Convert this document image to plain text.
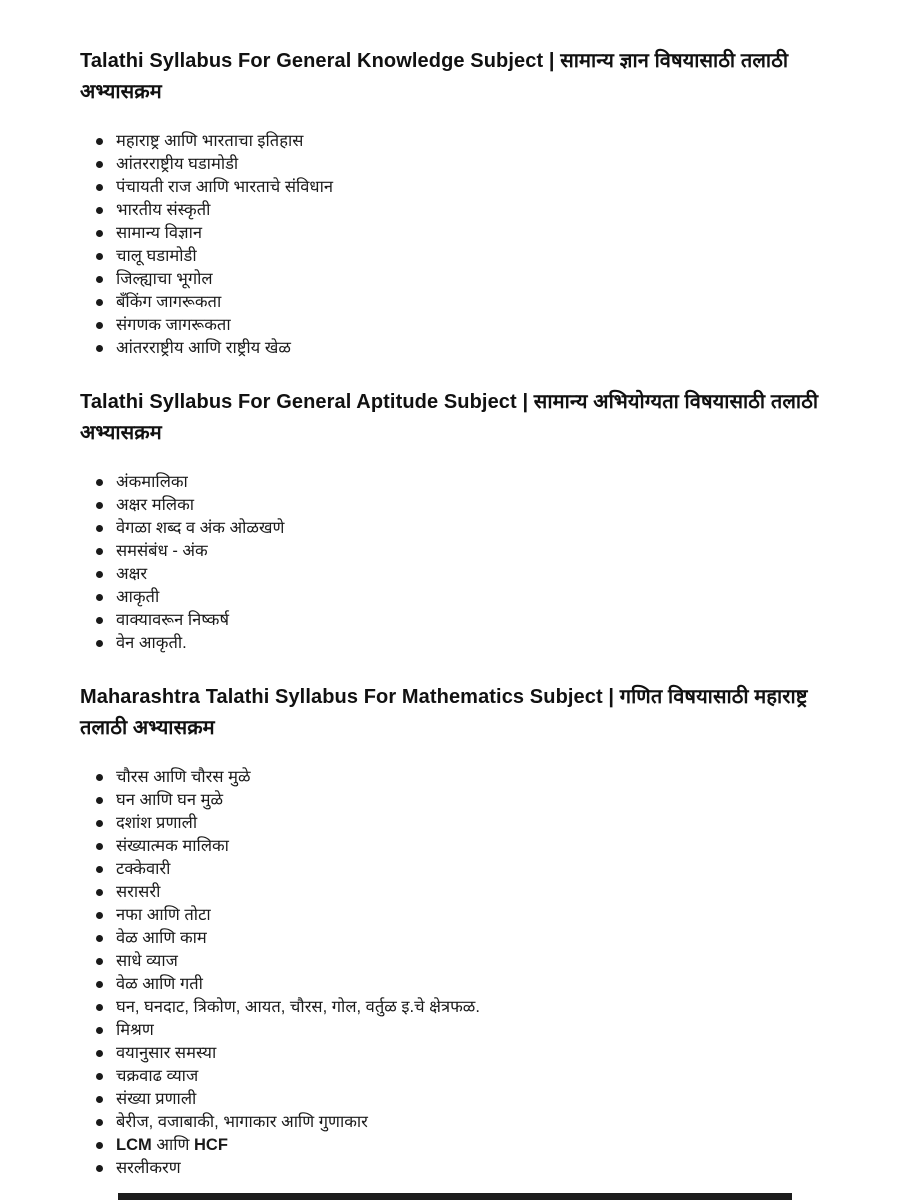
Talathi Syllabus For General Knowledge Subject | सामान्य ज्ञान विषयासाठी तलाठी अभ्यासक्रम
महाराष्ट्र आणि भारताचा इतिहास
आंतरराष्ट्रीय घडामोडी
पंचायती राज आणि भारताचे संविधान
भारतीय संस्कृती
सामान्य विज्ञान
चालू घडामोडी
जिल्ह्याचा भूगोल
बँकिंग जागरूकता
संगणक जागरूकता
आंतरराष्ट्रीय आणि राष्ट्रीय खेळ
Talathi Syllabus For General Aptitude Subject | सामान्य अभियोग्यता विषयासाठी तलाठी अभ्यासक्रम
अंकमालिका
अक्षर मलिका
वेगळा शब्द व अंक ओळखणे
समसंबंध - अंक
अक्षर
आकृती
वाक्यावरून निष्कर्ष
वेन आकृती.
Maharashtra Talathi Syllabus For Mathematics Subject | गणित विषयासाठी महाराष्ट्र तलाठी अभ्यासक्रम
चौरस आणि चौरस मुळे
घन आणि घन मुळे
दशांश प्रणाली
संख्यात्मक मालिका
टक्केवारी
सरासरी
नफा आणि तोटा
वेळ आणि काम
साधे व्याज
वेळ आणि गती
घन, घनदाट, त्रिकोण, आयत, चौरस, गोल, वर्तुळ इ.चे क्षेत्रफळ.
मिश्रण
वयानुसार समस्या
चक्रवाढ व्याज
संख्या प्रणाली
बेरीज, वजाबाकी, भागाकार आणि गुणाकार
LCM आणि HCF
सरलीकरण
